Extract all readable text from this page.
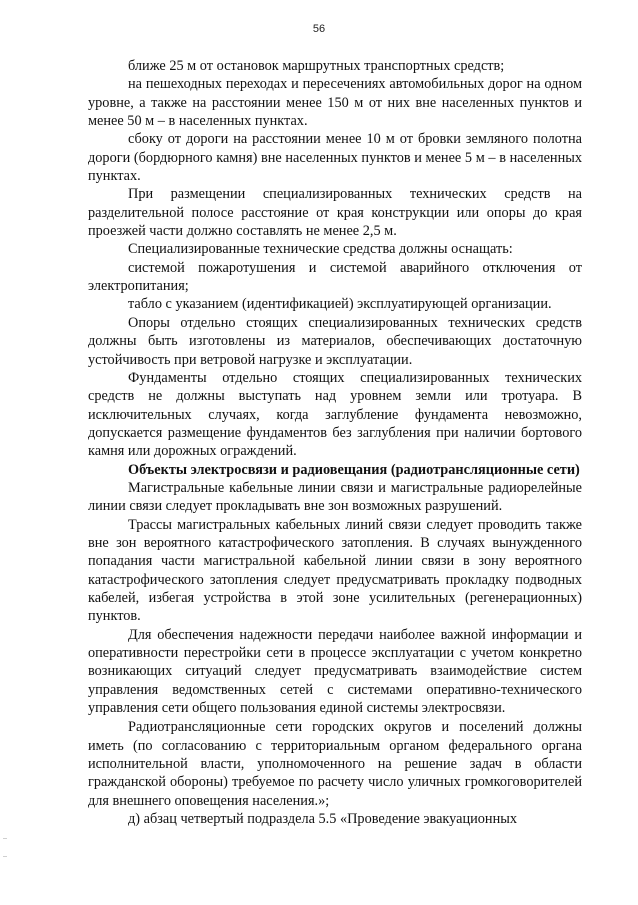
56

ближе 25 м от остановок маршрутных транспортных средств;

на пешеходных переходах и пересечениях автомобильных дорог на одном уровне, а также на расстоянии менее 150 м от них вне населенных пунктов и менее 50 м – в населенных пунктах.

сбоку от дороги на расстоянии менее 10 м от бровки земляного полотна дороги (бордюрного камня) вне населенных пунктов и менее 5 м – в населенных пунктах.

При размещении специализированных технических средств на разделительной полосе расстояние от края конструкции или опоры до края проезжей части должно составлять не менее 2,5 м.

Специализированные технические средства должны оснащать:

системой пожаротушения и системой аварийного отключения от электропитания;

табло с указанием (идентификацией) эксплуатирующей организации.

Опоры отдельно стоящих специализированных технических средств должны быть изготовлены из материалов, обеспечивающих достаточную устойчивость при ветровой нагрузке и эксплуатации.

Фундаменты отдельно стоящих специализированных технических средств не должны выступать над уровнем земли или тротуара. В исключительных случаях, когда заглубление фундамента невозможно, допускается размещение фундаментов без заглубления при наличии бортового камня или дорожных ограждений.

Объекты электросвязи и радиовещания (радиотрансляционные сети)

Магистральные кабельные линии связи и магистральные радиорелейные линии связи следует прокладывать вне зон возможных разрушений.

Трассы магистральных кабельных линий связи следует проводить также вне зон вероятного катастрофического затопления. В случаях вынужденного попадания части магистральной кабельной линии связи в зону вероятного катастрофического затопления следует предусматривать прокладку подводных кабелей, избегая устройства в этой зоне усилительных (регенерационных) пунктов.

Для обеспечения надежности передачи наиболее важной информации и оперативности перестройки сети в процессе эксплуатации с учетом конкретно возникающих ситуаций следует предусматривать взаимодействие систем управления ведомственных сетей с системами оперативно-технического управления сети общего пользования единой системы электросвязи.

Радиотрансляционные сети городских округов и поселений должны иметь (по согласованию с территориальным органом федерального органа исполнительной власти, уполномоченного на решение задач в области гражданской обороны) требуемое по расчету число уличных громкоговорителей для внешнего оповещения населения.»;

д) абзац четвертый подраздела 5.5 «Проведение эвакуационных
